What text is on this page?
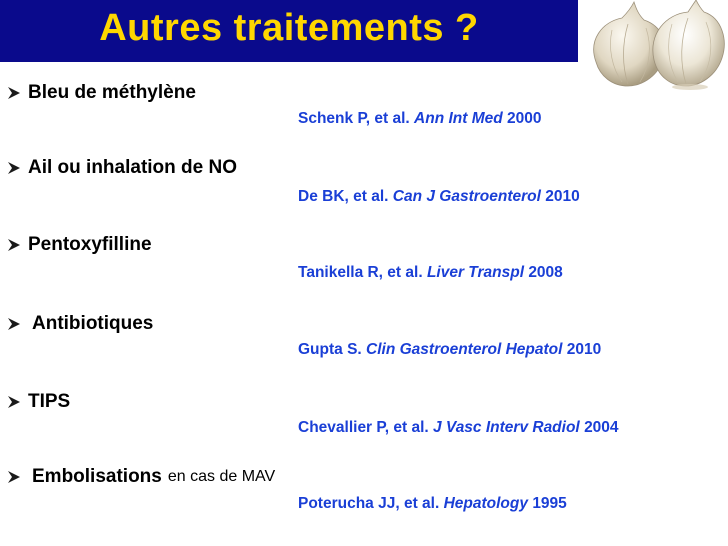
Autres traitements ?
Bleu de méthylène
Schenk P, et al. Ann Int Med 2000
Ail ou inhalation de NO
De BK, et al. Can J Gastroenterol 2010
Pentoxyfilline
Tanikella R, et al. Liver Transpl 2008
Antibiotiques
Gupta S. Clin Gastroenterol Hepatol 2010
TIPS
Chevallier P, et al. J Vasc Interv Radiol 2004
Embolisations en cas de MAV
Poterucha JJ, et al. Hepatology 1995
